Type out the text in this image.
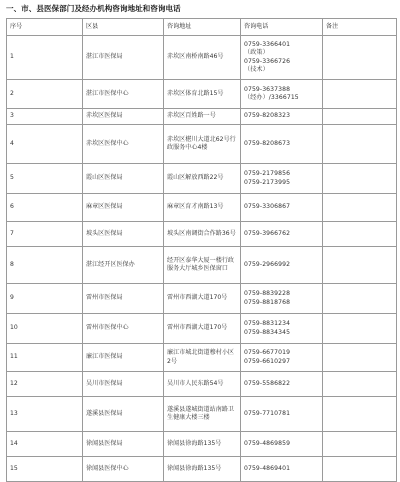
一、市、县医保部门及经办机构咨询地址和咨询电话
序号	区县	咨询地址	咨询电话	备注
1	湛江市医保局	赤坎区南桥南路46号	0759-3366401
（政策）
0759-3366726
（技术）	

2	湛江市医保中心	赤坎区体育北路15号	0759-3637388
（经办）/3366715	

3	赤坎区医保局	赤坎区百姓路一号	0759-8208323	

4	赤坎区医保中心	赤坎区椹川大道北62号行政服务中心4楼	0759-8208673	

5	霞山区医保局	霞山区解放西路22号	0759-2179856
0759-2173995	

6	麻章区医保局	麻章区育才南路13号	0759-3306867	

7	坡头区医保局	坡头区南调街合作路36号	0759-3966762	

8	湛江经开区医保办	经开区泰华大厦一楼行政服务大厅城乡医保窗口	0759-2966992	

9	雷州市医保局	雷州市西湖大道170号	0759-8839228
0759-8818768	

10	雷州市医保中心	雷州市西湖大道170号	0759-8831234
0759-8834345	

11	廉江市医保局	廉江市城北街道穆村小区2号	0759-6677019
0759-6610297	

12	吴川市医保局	吴川市人民东路54号	0759-5586822	

13	遂溪县医保局	遂溪县遂城街道站南路卫生健康大楼三楼	0759-7710781	

14	徐闻县医保局	徐闻县徐海路135号	0759-4869859	

15	徐闻县医保中心	徐闻县徐海路135号	0759-4869401	
